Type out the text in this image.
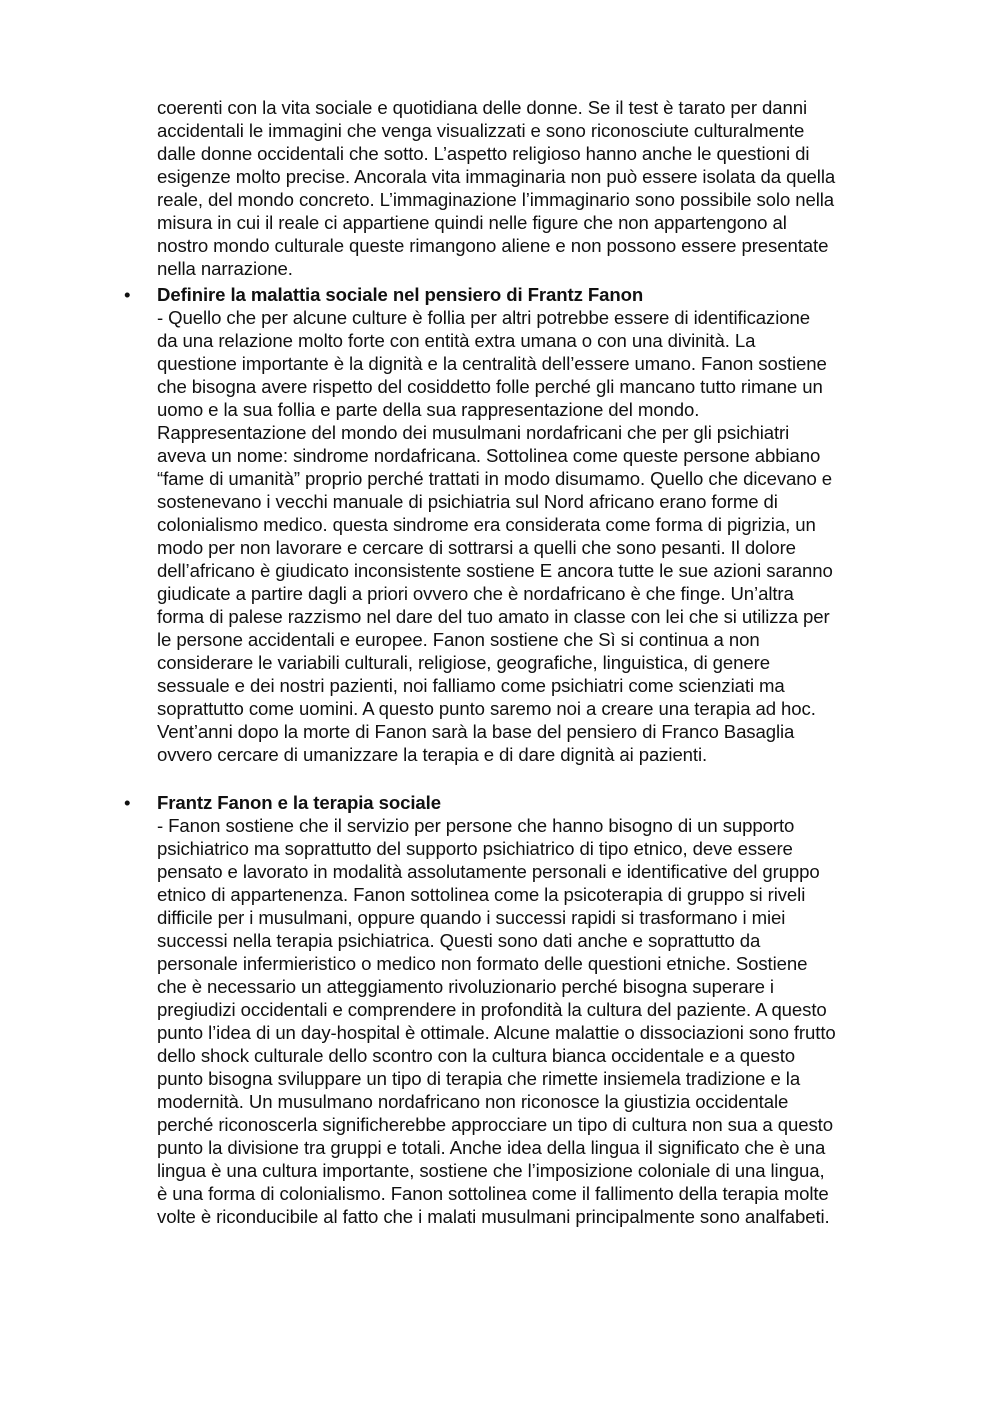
coerenti con la vita sociale e quotidiana delle donne. Se il test è tarato per danni
accidentali le immagini che venga visualizzati e sono riconosciute culturalmente
dalle donne occidentali che sotto. L’aspetto religioso hanno anche le questioni di
esigenze molto precise. Ancorala vita immaginaria non può essere isolata da quella
reale, del mondo concreto. L’immaginazione l’immaginario sono possibile solo nella
misura in cui il reale ci appartiene quindi nelle figure che non appartengono al
nostro mondo culturale queste rimangono aliene e non possono essere presentate
nella narrazione.
• Definire la malattia sociale nel pensiero di Frantz Fanon
- Quello che per alcune culture è follia per altri potrebbe essere di identificazione
da una relazione molto forte con entità extra umana o con una divinità. La
questione importante è la dignità e la centralità dell’essere umano. Fanon sostiene
che bisogna avere rispetto del cosiddetto folle perché gli mancano tutto rimane un
uomo e la sua follia e parte della sua rappresentazione del mondo.
Rappresentazione del mondo dei musulmani nordafricani che per gli psichiatri
aveva un nome: sindrome nordafricana. Sottolinea come queste persone abbiano
“fame di umanità” proprio perché trattati in modo disumamo. Quello che dicevano e
sostenevano i vecchi manuale di psichiatria sul Nord africano erano forme di
colonialismo medico. questa sindrome era considerata come forma di pigrizia, un
modo per non lavorare e cercare di sottrarsi a quelli che sono pesanti. Il dolore
dell’africano è giudicato inconsistente sostiene E ancora tutte le sue azioni saranno
giudicate a partire dagli a priori ovvero che è nordafricano è che finge. Un’altra
forma di palese razzismo nel dare del tuo amato in classe con lei che si utilizza per
le persone accidentali e europee. Fanon sostiene che Sì si continua a non
considerare le variabili culturali, religiose, geografiche, linguistica, di genere
sessuale e dei nostri pazienti, noi falliamo come psichiatri come scienziati ma
soprattutto come uomini. A questo punto saremo noi a creare una terapia ad hoc.
Vent’anni dopo la morte di Fanon sarà la base del pensiero di Franco Basaglia
ovvero cercare di umanizzare la terapia e di dare dignità ai pazienti.
• Frantz Fanon e la terapia sociale
- Fanon sostiene che il servizio per persone che hanno bisogno di un supporto
psichiatrico ma soprattutto del supporto psichiatrico di tipo etnico, deve essere
pensato e lavorato in modalità assolutamente personali e identificative del gruppo
etnico di appartenenza. Fanon sottolinea come la psicoterapia di gruppo si riveli
difficile per i musulmani, oppure quando i successi rapidi si trasformano i miei
successi nella terapia psichiatrica. Questi sono dati anche e soprattutto da
personale infermieristico o medico non formato delle questioni etniche. Sostiene
che è necessario un atteggiamento rivoluzionario perché bisogna superare i
pregiudizi occidentali e comprendere in profondità la cultura del paziente. A questo
punto l’idea di un day-hospital è ottimale. Alcune malattie o dissociazioni sono frutto
dello shock culturale dello scontro con la cultura bianca occidentale e a questo
punto bisogna sviluppare un tipo di terapia che rimette insiemela tradizione e la
modernità. Un musulmano nordafricano non riconosce la giustizia occidentale
perché riconoscerla significherebbe approcciare un tipo di cultura non sua a questo
punto la divisione tra gruppi e totali. Anche idea della lingua il significato che è una
lingua è una cultura importante, sostiene che l’imposizione coloniale di una lingua,
è una forma di colonialismo. Fanon sottolinea come il fallimento della terapia molte
volte è riconducibile al fatto che i malati musulmani principalmente sono analfabeti.
